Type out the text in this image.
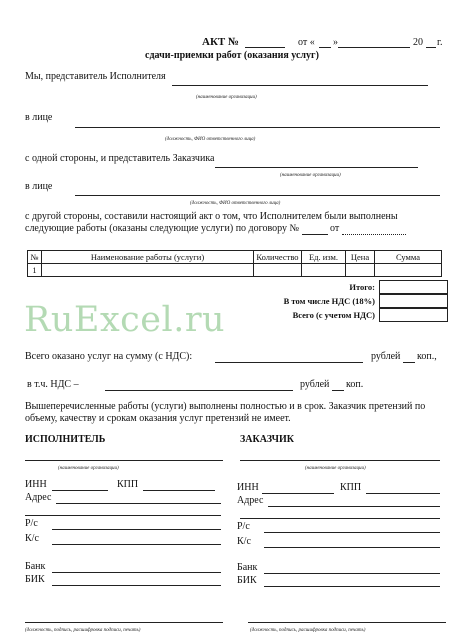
АКТ №	от « »	20 г.
сдачи-приемки работ (оказания услуг)
Мы, представитель Исполнителя
(наименование организации)
в лице
(должность, ФИО ответственного лица)
с одной стороны, и представитель Заказчика
(наименование организации)
в лице
(должность, ФИО ответственного лица)
с другой стороны, составили настоящий акт о том, что Исполнителем были выполнены
следующие работы (оказаны следующие услуги) по договору №	от
№	Наименование работы (услуги)	Количество	Ед. изм.	Цена	Сумма
1					
Итого:
В том числе НДС (18%)
Всего (с учетом НДС)
RuExcel.ru
Всего оказано услуг на сумму (с НДС):	рублей коп.,
в т.ч. НДС –	рублей коп.
Вышеперечисленные работы (услуги) выполнены полностью и в срок. Заказчик претензий по
объему, качеству и срокам оказания услуг претензий не имеет.
ИСПОЛНИТЕЛЬ
(наименование организации)
ИНН	КПП
Адрес
Р/с
К/с
Банк
БИК
(должность, подпись, расшифровка подписи, печать)
ЗАКАЗЧИК
(наименование организации)
ИНН	КПП
Адрес
Р/с
К/с
Банк
БИК
(должность, подпись, расшифровка подписи, печать)
